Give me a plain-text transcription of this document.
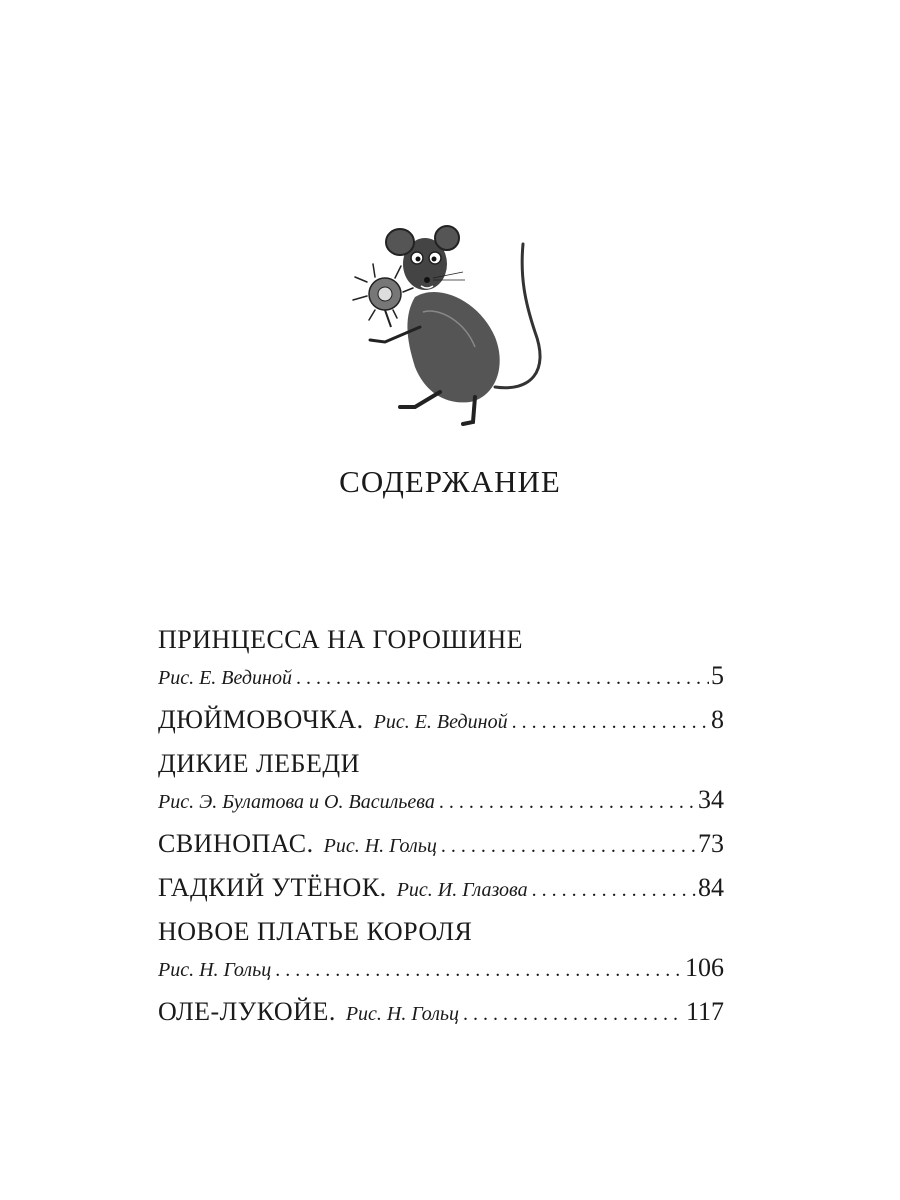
СОДЕРЖАНИЕ
ПРИНЦЕССА НА ГОРОШИНЕ
Рис. Е. Вединой . . .	5
ДЮЙМОВОЧКА. Рис. Е. Вединой . . .	8
ДИКИЕ ЛЕБЕДИ
Рис. Э. Булатова и О. Васильева . . .	34
СВИНОПАС. Рис. Н. Гольц . . .	73
ГАДКИЙ УТЁНОК. Рис. И. Глазова . . .	84
НОВОЕ ПЛАТЬЕ КОРОЛЯ
Рис. Н. Гольц . . .	106
ОЛЕ-ЛУКОЙЕ. Рис. Н. Гольц . . .	117
